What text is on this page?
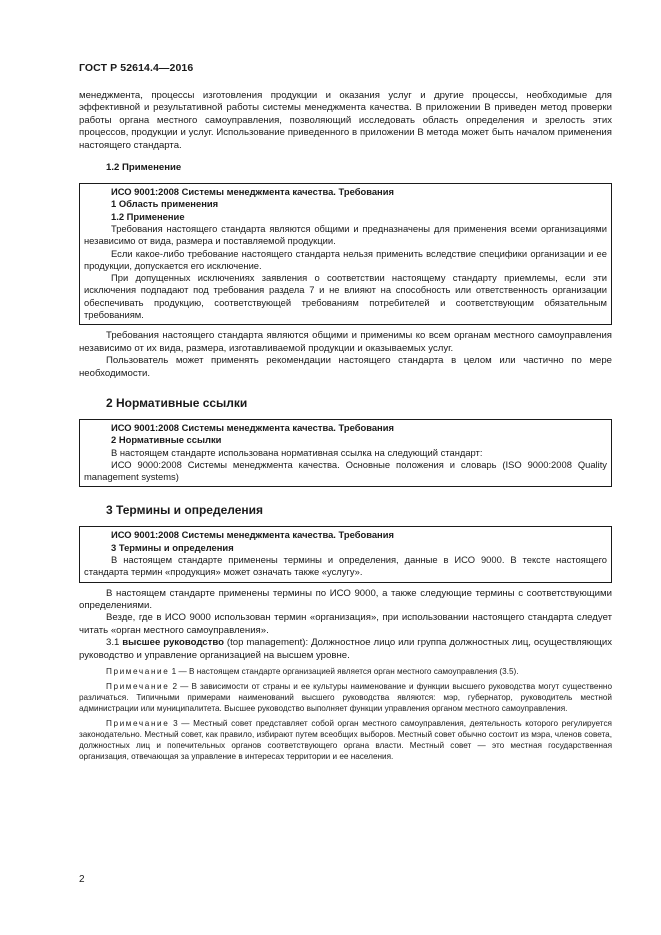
ГОСТ Р 52614.4—2016

менеджмента, процессы изготовления продукции и оказания услуг и другие процессы, необходимые для эффективной и результативной работы системы менеджмента качества. В приложении В приведен метод проверки работы органа местного самоуправления, позволяющий исследовать область определения и зрелость этих процессов, продукции и услуг. Использование приведенного в приложении В метода может быть началом применения настоящего стандарта.

1.2 Применение

ИСО 9001:2008 Системы менеджмента качества. Требования

1 Область применения

1.2 Применение

Требования настоящего стандарта являются общими и предназначены для применения всеми организациями независимо от вида, размера и поставляемой продукции.

Если какое-либо требование настоящего стандарта нельзя применить вследствие специфики организации и ее продукции, допускается его исключение.

При допущенных исключениях заявления о соответствии настоящему стандарту приемлемы, если эти исключения подпадают под требования раздела 7 и не влияют на способность или ответственность организации обеспечивать продукцию, соответствующей требованиям потребителей и соответствующим обязательным требованиям.

Требования настоящего стандарта являются общими и применимы ко всем органам местного самоуправления независимо от их вида, размера, изготавливаемой продукции и оказываемых услуг.

Пользователь может применять рекомендации настоящего стандарта в целом или частично по мере необходимости.

2 Нормативные ссылки

ИСО 9001:2008 Системы менеджмента качества. Требования

2 Нормативные ссылки

В настоящем стандарте использована нормативная ссылка на следующий стандарт:

ИСО 9000:2008 Системы менеджмента качества. Основные положения и словарь (ISO 9000:2008 Quality management systems)

3 Термины и определения

ИСО 9001:2008 Системы менеджмента качества. Требования

3 Термины и определения

В настоящем стандарте применены термины и определения, данные в ИСО 9000. В тексте настоящего стандарта термин «продукция» может означать также «услугу».

В настоящем стандарте применены термины по ИСО 9000, а также следующие термины с соответствующими определениями.

Везде, где в ИСО 9000 использован термин «организация», при использовании настоящего стандарта следует читать «орган местного самоуправления».

3.1 высшее руководство (top management): Должностное лицо или группа должностных лиц, осуществляющих руководство и управление организацией на высшем уровне.

Примечание 1 — В настоящем стандарте организацией является орган местного самоуправления (3.5).

Примечание 2 — В зависимости от страны и ее культуры наименование и функции высшего руководства могут существенно различаться. Типичными примерами наименований высшего руководства являются: мэр, губернатор, руководитель местной администрации или муниципалитета. Высшее руководство выполняет функции управления органом местного самоуправления.

Примечание 3 — Местный совет представляет собой орган местного самоуправления, деятельность которого регулируется законодательно. Местный совет, как правило, избирают путем всеобщих выборов. Местный совет обычно состоит из мэра, членов совета, должностных лиц и попечительных органов соответствующего органа власти. Местный совет — это местная государственная организация, отвечающая за управление в интересах территории и ее населения.

2
